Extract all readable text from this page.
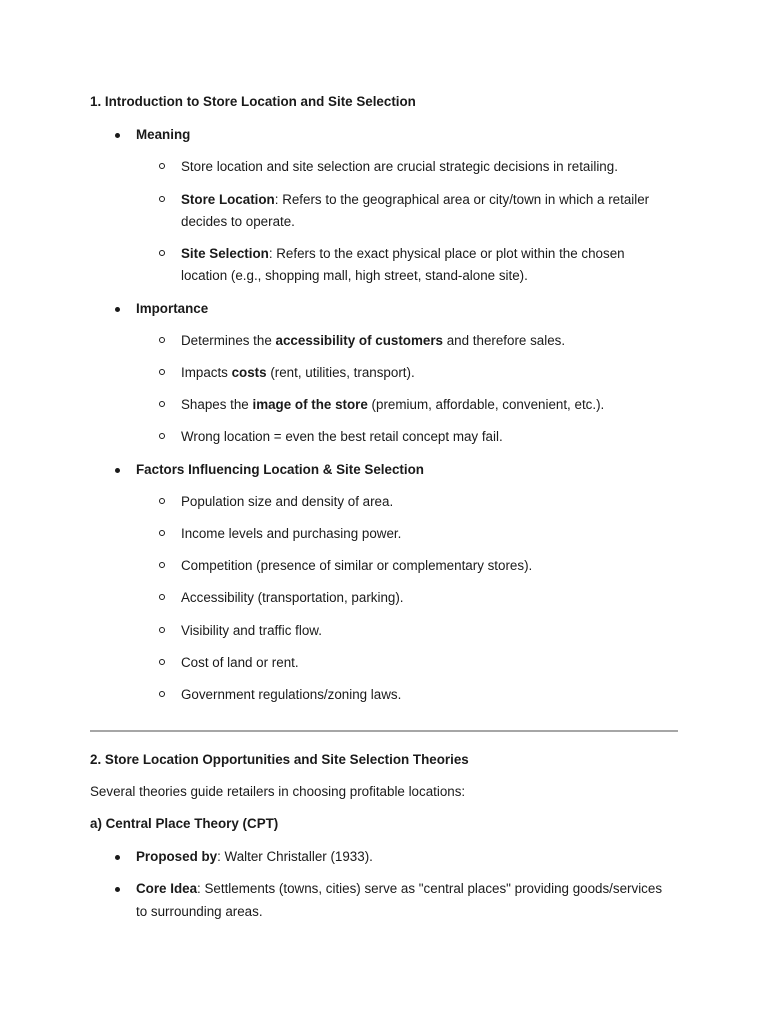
1. Introduction to Store Location and Site Selection
Meaning
Store location and site selection are crucial strategic decisions in retailing.
Store Location: Refers to the geographical area or city/town in which a retailer
decides to operate.
Site Selection: Refers to the exact physical place or plot within the chosen
location (e.g., shopping mall, high street, stand-alone site).
Importance
Determines the accessibility of customers and therefore sales.
Impacts costs (rent, utilities, transport).
Shapes the image of the store (premium, affordable, convenient, etc.).
Wrong location = even the best retail concept may fail.
Factors Influencing Location & Site Selection
Population size and density of area.
Income levels and purchasing power.
Competition (presence of similar or complementary stores).
Accessibility (transportation, parking).
Visibility and traffic flow.
Cost of land or rent.
Government regulations/zoning laws.
2. Store Location Opportunities and Site Selection Theories
Several theories guide retailers in choosing profitable locations:
a) Central Place Theory (CPT)
Proposed by: Walter Christaller (1933).
Core Idea: Settlements (towns, cities) serve as "central places" providing goods/services
to surrounding areas.
